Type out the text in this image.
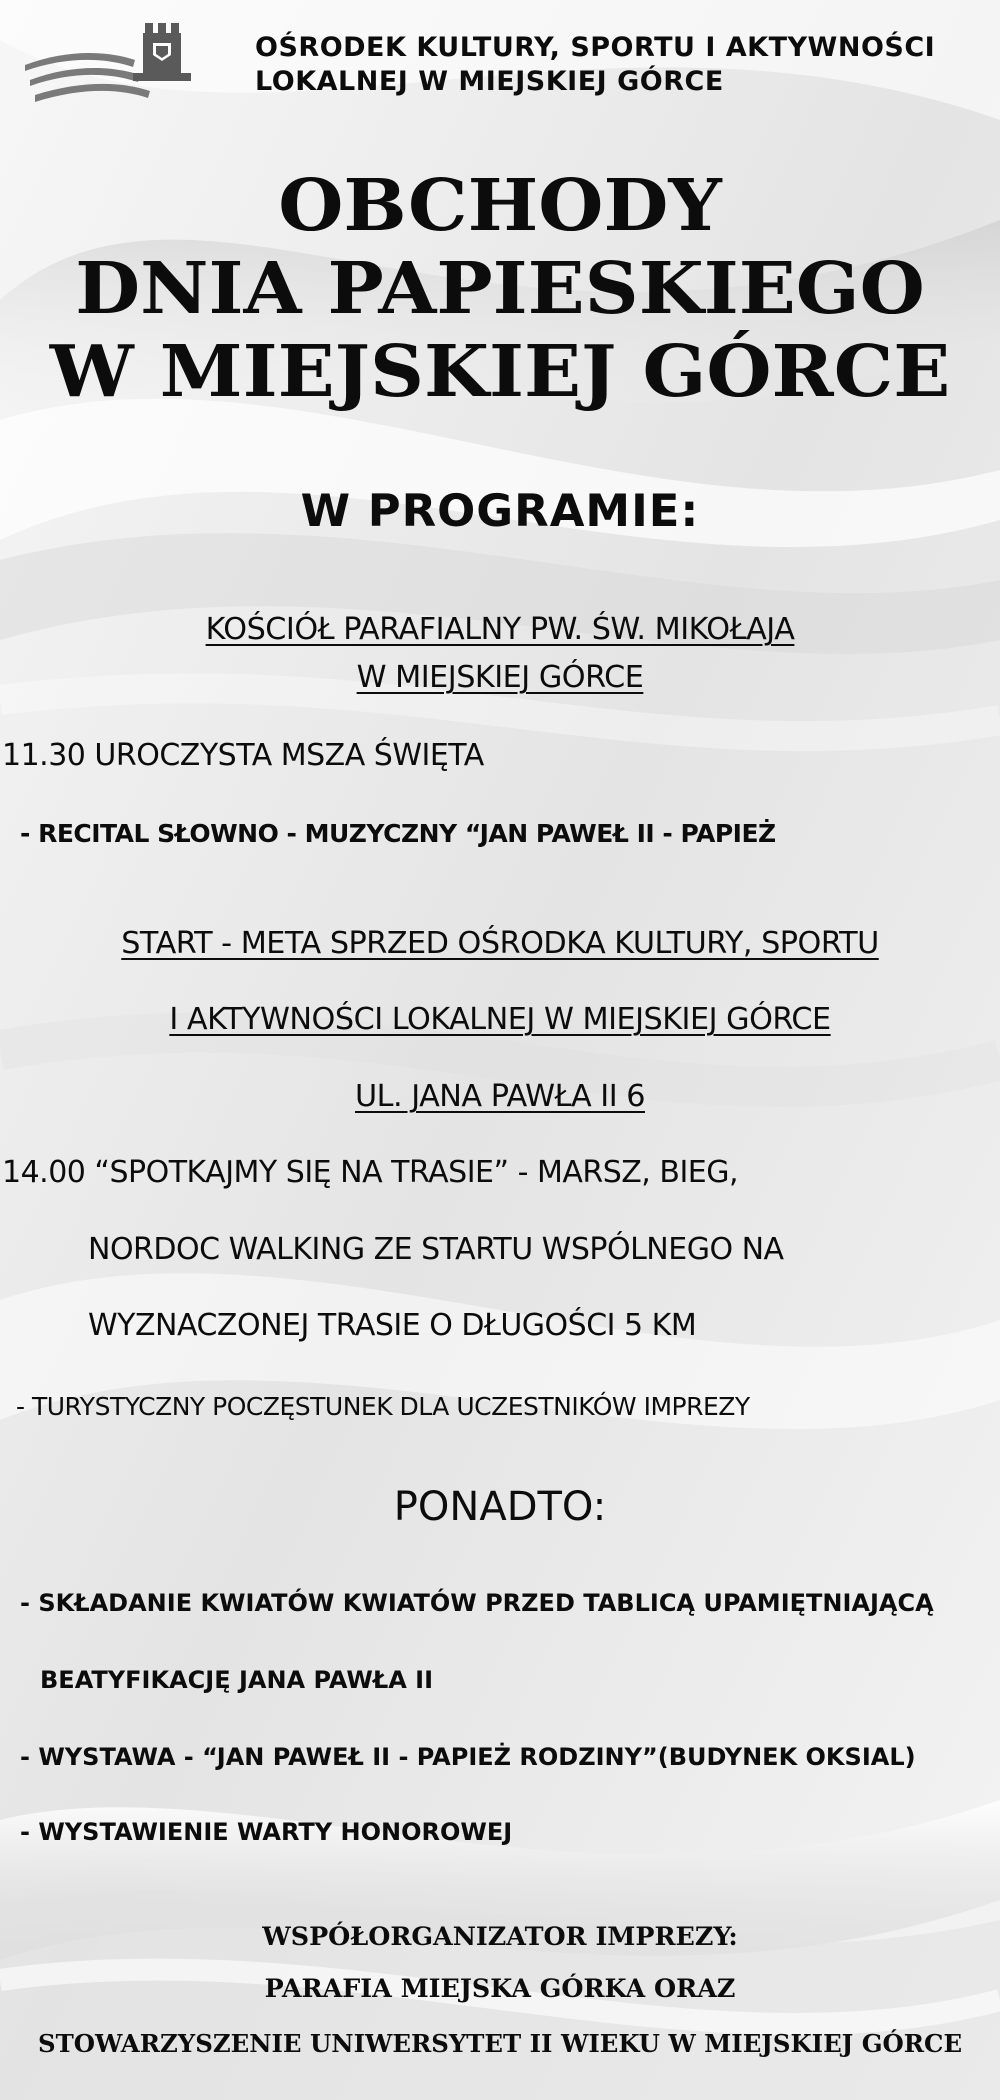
OŚRODEK KULTURY, SPORTU I AKTYWNOŚCI

LOKALNEJ W MIEJSKIEJ GÓRCE

OBCHODY

DNIA PAPIESKIEGO

W MIEJSKIEJ GÓRCE

W PROGRAMIE:

KOŚCIÓŁ PARAFIALNY PW. ŚW. MIKOŁAJA

W MIEJSKIEJ GÓRCE

11.30 UROCZYSTA MSZA ŚWIĘTA

- RECITAL SŁOWNO - MUZYCZNY “JAN PAWEŁ II - PAPIEŻ

START - META SPRZED OŚRODKA KULTURY, SPORTU

I AKTYWNOŚCI LOKALNEJ W MIEJSKIEJ GÓRCE

UL. JANA PAWŁA II 6

14.00 “SPOTKAJMY SIĘ NA TRASIE” - MARSZ, BIEG,

NORDOC WALKING ZE STARTU WSPÓLNEGO NA

WYZNACZONEJ TRASIE O DŁUGOŚCI 5 KM

- TURYSTYCZNY POCZĘSTUNEK DLA UCZESTNIKÓW IMPREZY

PONADTO:

- SKŁADANIE KWIATÓW KWIATÓW PRZED TABLICĄ UPAMIĘTNIAJĄCĄ

BEATYFIKACJĘ JANA PAWŁA II

- WYSTAWA - “JAN PAWEŁ II - PAPIEŻ RODZINY”(BUDYNEK OKSIAL)

- WYSTAWIENIE WARTY HONOROWEJ

WSPÓŁORGANIZATOR IMPREZY:

PARAFIA MIEJSKA GÓRKA ORAZ

STOWARZYSZENIE UNIWERSYTET II WIEKU W MIEJSKIEJ GÓRCE
